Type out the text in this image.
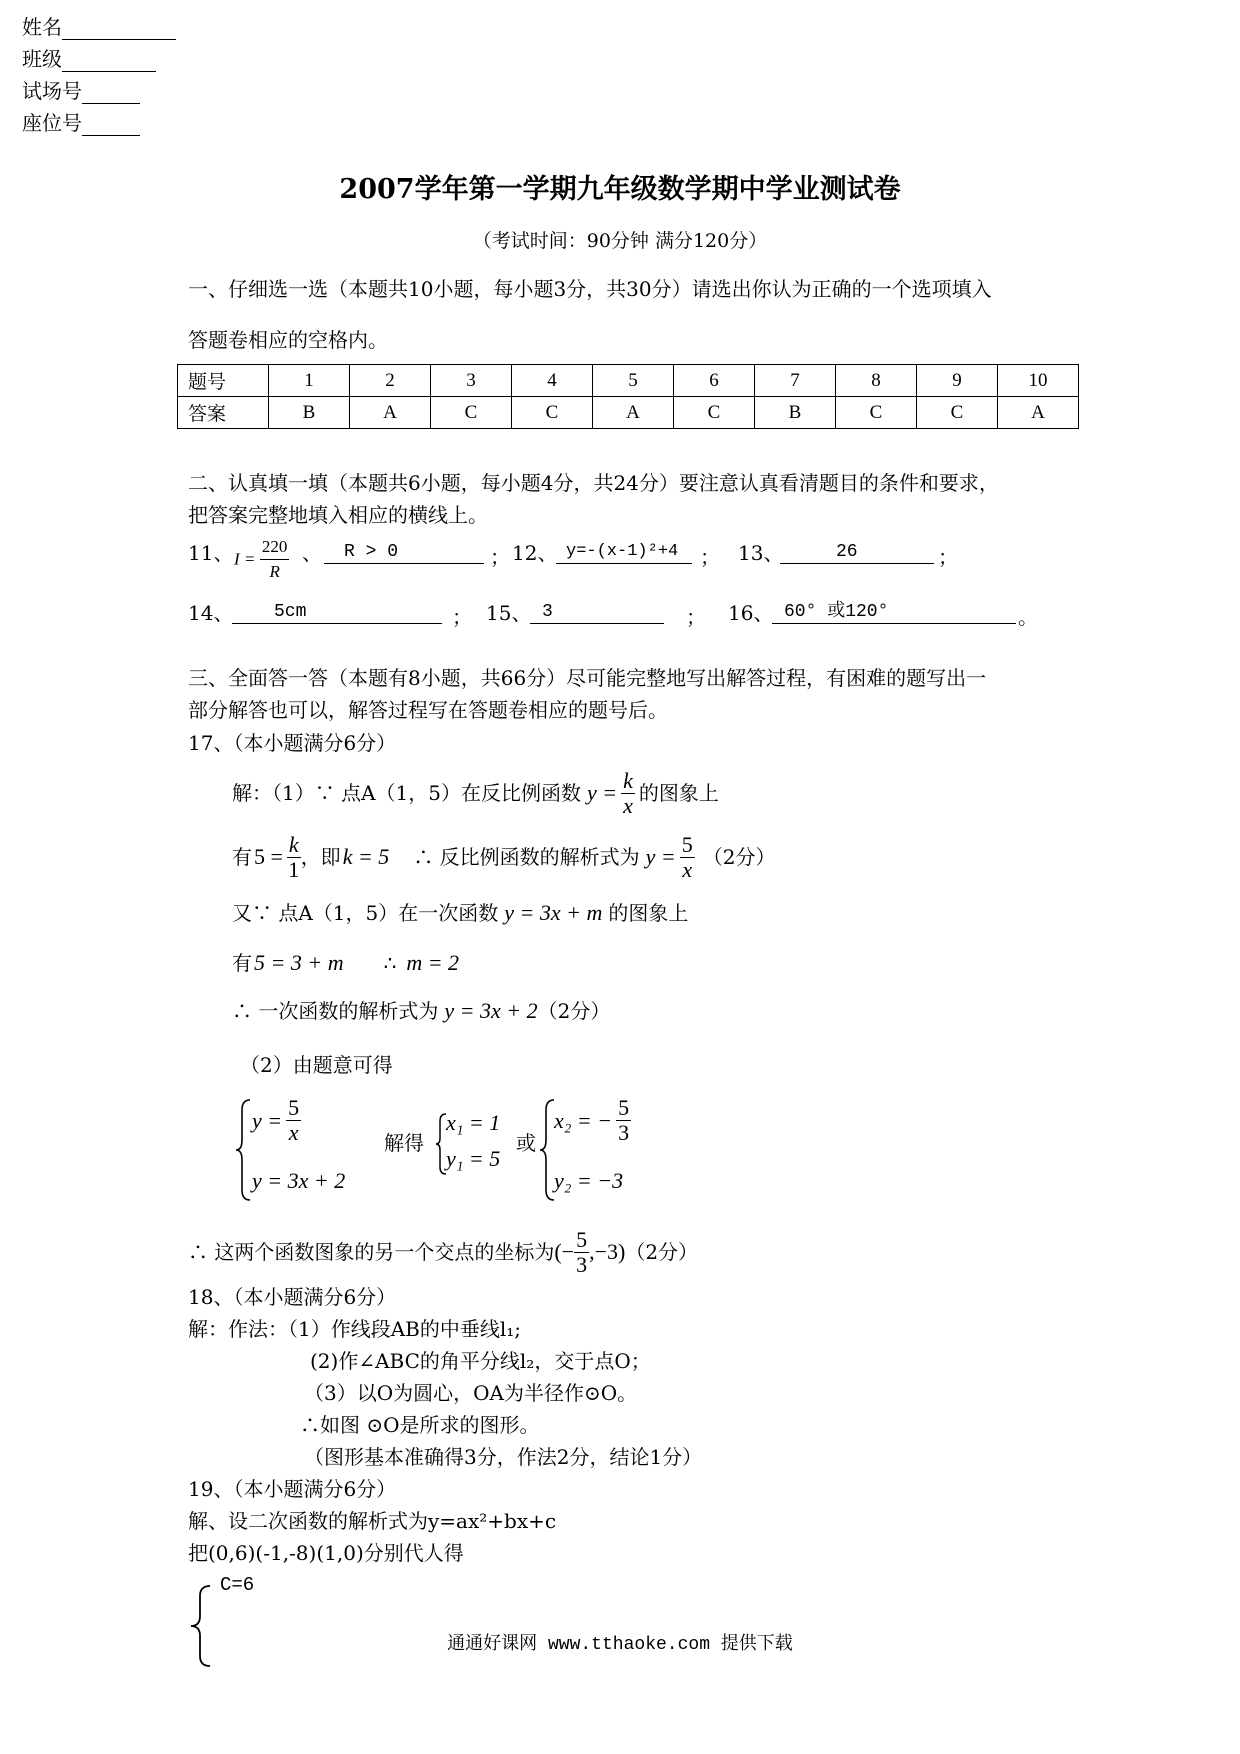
姓名
班级
试场号
座位号
2007学年第一学期九年级数学期中学业测试卷
（考试时间：90分钟 满分120分）
一、仔细选一选（本题共10小题，每小题3分，共30分）请选出你认为正确的一个选项填入
答题卷相应的空格内。
题号	1	2	3	4	5	6	7	8	9	10
答案	B	A	C	C	A	C	B	C	C	A
二、认真填一填（本题共6小题，每小题4分，共24分）要注意认真看清题目的条件和要求，
把答案完整地填入相应的横线上。
11、 $I = \frac{220}{R}$ 、	R > 0	； 12、 y=-(x-1)²+4	； 13、	26	；
14、	5cm	； 15、 3	； 16、 60° 或120°	。
三、全面答一答（本题有8小题，共66分）尽可能完整地写出解答过程，有困难的题写出一
部分解答也可以，解答过程写在答题卷相应的题号后。
17、（本小题满分6分）
解：（1）∵ 点A（1，5）在反比例函数 $y = \frac{k}{x}$ 的图象上
有 $5 = \frac{k}{1}$ ，即 k = 5 ∴ 反比例函数的解析式为 $y = \frac{5}{x} (2$分）
又∵ 点A（1，5）在一次函数 y = 3x + m 的图象上
有 5 = 3 + m ∴ m = 2
∴ 一次函数的解析式为 y = 3x + 2 （2分）
（2）由题意可得
$y = \frac{5}{x}$
y = 3x + 2
解得
x₁ = 1
y₁ = 5
或
x₂ = − $\frac{5}{3}$
y₂ = −3
∴ 这两个函数图象的另一个交点的坐标为 (− $\frac{5}{3} ,-3$) （2分）
18、（本小题满分6分）
解：作法：（1）作线段AB的中垂线l₁;
(2)作∠ABC的角平分线l₂，交于点O；
（3）以O为圆心，OA为半径作⊙O。
∴如图 ⊙O是所求的图形。
（图形基本准确得3分，作法2分，结论1分）
19、（本小题满分6分）
解、设二次函数的解析式为y=ax²+bx+c
把(0,6)(-1,-8)(1,0)分别代人得
C=6
通通好课网 www.tthaoke.com 提供下载
